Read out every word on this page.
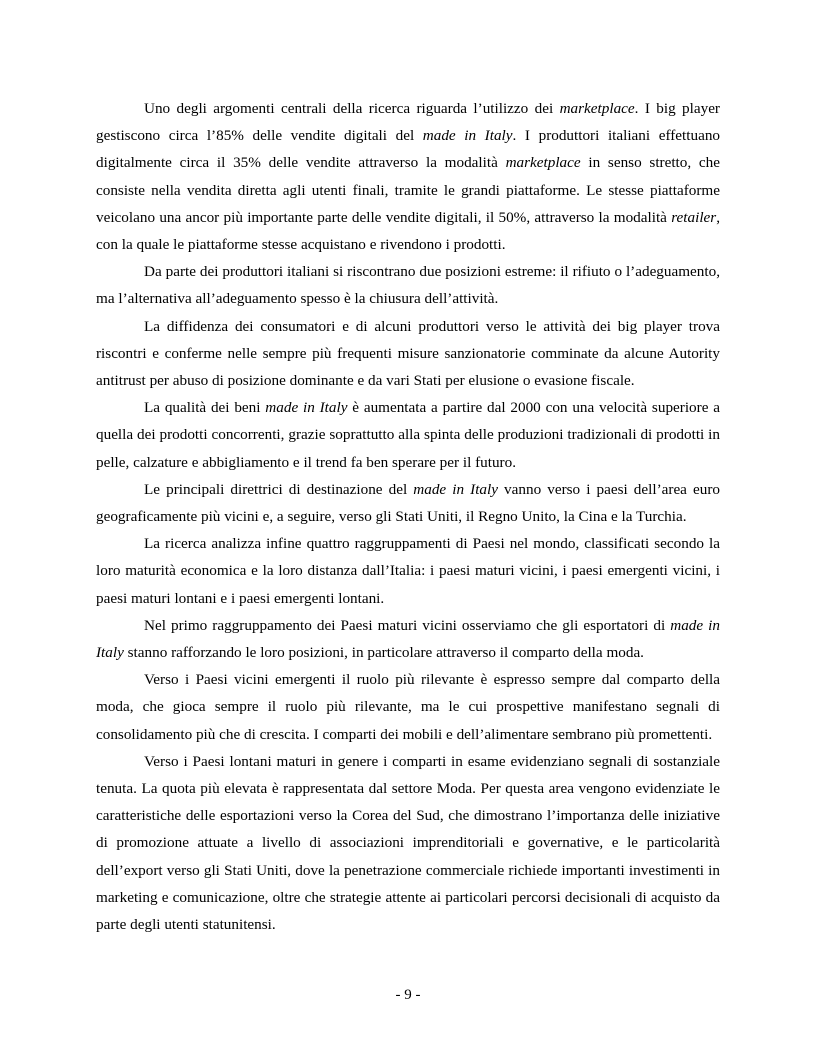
Uno degli argomenti centrali della ricerca riguarda l’utilizzo dei marketplace. I big player gestiscono circa l’85% delle vendite digitali del made in Italy. I produttori italiani effettuano digitalmente circa il 35% delle vendite attraverso la modalità marketplace in senso stretto, che consiste nella vendita diretta agli utenti finali, tramite le grandi piattaforme. Le stesse piattaforme veicolano una ancor più importante parte delle vendite digitali, il 50%, attraverso la modalità retailer, con la quale le piattaforme stesse acquistano e rivendono i prodotti.

Da parte dei produttori italiani si riscontrano due posizioni estreme: il rifiuto o l’adeguamento, ma l’alternativa all’adeguamento spesso è la chiusura dell’attività.

La diffidenza dei consumatori e di alcuni produttori verso le attività dei big player trova riscontri e conferme nelle sempre più frequenti misure sanzionatorie comminate da alcune Autority antitrust per abuso di posizione dominante e da vari Stati per elusione o evasione fiscale.

La qualità dei beni made in Italy è aumentata a partire dal 2000 con una velocità superiore a quella dei prodotti concorrenti, grazie soprattutto alla spinta delle produzioni tradizionali di prodotti in pelle, calzature e abbigliamento e il trend fa ben sperare per il futuro.

Le principali direttrici di destinazione del made in Italy vanno verso i paesi dell’area euro geograficamente più vicini e, a seguire, verso gli Stati Uniti, il Regno Unito, la Cina e la Turchia.

La ricerca analizza infine quattro raggruppamenti di Paesi nel mondo, classificati secondo la loro maturità economica e la loro distanza dall’Italia: i paesi maturi vicini, i paesi emergenti vicini, i paesi maturi lontani e i paesi emergenti lontani.

Nel primo raggruppamento dei Paesi maturi vicini osserviamo che gli esportatori di made in Italy stanno rafforzando le loro posizioni, in particolare attraverso il comparto della moda.

Verso i Paesi vicini emergenti il ruolo più rilevante è espresso sempre dal comparto della moda, che gioca sempre il ruolo più rilevante, ma le cui prospettive manifestano segnali di consolidamento più che di crescita. I comparti dei mobili e dell’alimentare sembrano più promettenti.

Verso i Paesi lontani maturi in genere i comparti in esame evidenziano segnali di sostanziale tenuta. La quota più elevata è rappresentata dal settore Moda. Per questa area vengono evidenziate le caratteristiche delle esportazioni verso la Corea del Sud, che dimostrano l’importanza delle iniziative di promozione attuate a livello di associazioni imprenditoriali e governative, e le particolarità dell’export verso gli Stati Uniti, dove la penetrazione commerciale richiede importanti investimenti in marketing e comunicazione, oltre che strategie attente ai particolari percorsi decisionali di acquisto da parte degli utenti statunitensi.

- 9 -
